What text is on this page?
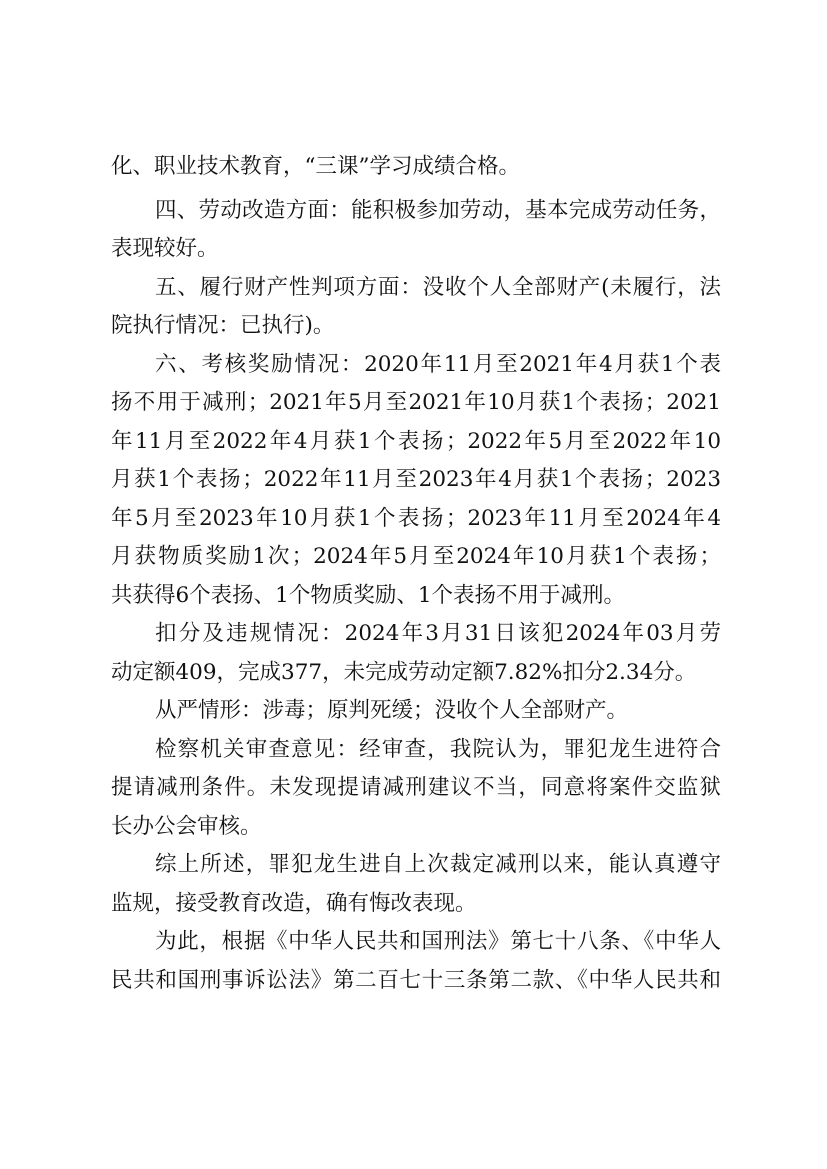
化、职业技术教育，“三课”学习成绩合格。
四、劳动改造方面：能积极参加劳动，基本完成劳动任务，
表现较好。
五、履行财产性判项方面：没收个人全部财产(未履行，法
院执行情况：已执行)。
六、考核奖励情况：2020年11月至2021年4月获1个表
扬不用于减刑；2021年5月至2021年10月获1个表扬；2021
年11月至2022年4月获1个表扬；2022年5月至2022年10
月获1个表扬；2022年11月至2023年4月获1个表扬；2023
年5月至2023年10月获1个表扬；2023年11月至2024年4
月获物质奖励1次；2024年5月至2024年10月获1个表扬；
共获得6个表扬、1个物质奖励、1个表扬不用于减刑。
扣分及违规情况：2024年3月31日该犯2024年03月劳
动定额409，完成377，未完成劳动定额7.82%扣分2.34分。
从严情形：涉毒；原判死缓；没收个人全部财产。
检察机关审查意见：经审查，我院认为，罪犯龙生进符合
提请减刑条件。未发现提请减刑建议不当，同意将案件交监狱
长办公会审核。
综上所述，罪犯龙生进自上次裁定减刑以来，能认真遵守
监规，接受教育改造，确有悔改表现。
为此，根据《中华人民共和国刑法》第七十八条、《中华人
民共和国刑事诉讼法》第二百七十三条第二款、《中华人民共和
